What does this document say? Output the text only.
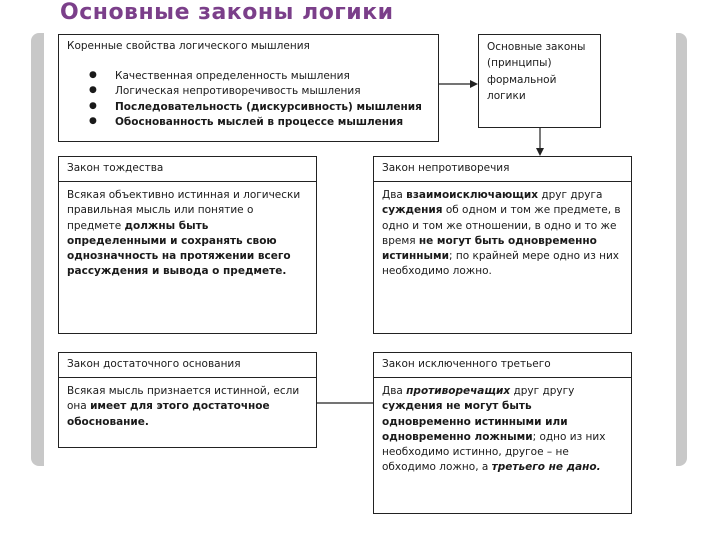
Основные законы логики
Коренные свойства логического мышления
● Качественная определенность мышления
● Логическая непротиворечивость мышления
● Последовательность (дискурсивность) мышления
● Обоснованность мыслей в процессе мышления
Основные законы (принципы) формальной логики
Закон тождества
Всякая объективно истинная и логически правильная мысль или понятие о предмете должны быть определенными и сохранять свою однозначность на протяжении всего рассуждения и вывода о предмете.
Закон непротиворечия
Два взаимоисключающих друг друга суждения об одном и том же предмете, в одно и том же отношении, в одно и то же время не могут быть одновременно истинными; по крайней мере одно из них необходимо ложно.
Закон достаточного основания
Всякая мысль признается истинной, если она имеет для этого достаточное обоснование.
Закон исключенного третьего
Два противоречащих друг другу суждения не могут быть одновременно истинными или одновременно ложными; одно из них необходимо истинно, другое – не обходимо ложно, а третьего не дано.
